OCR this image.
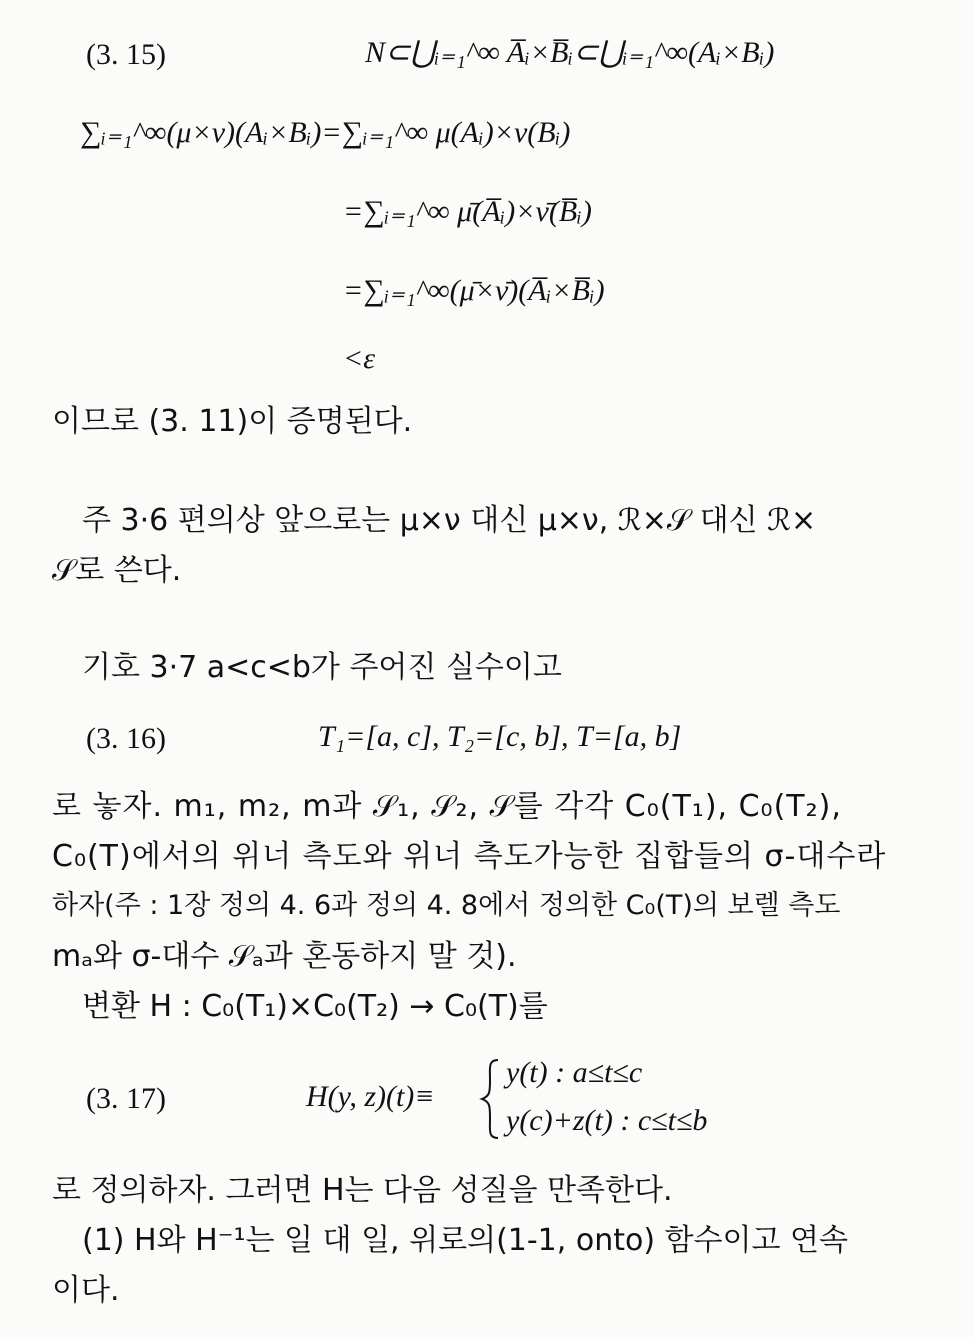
(3. 15)	N⊂⋃ᵢ₌₁^∞ A̅ᵢ×B̅ᵢ⊂⋃ᵢ₌₁^∞(Aᵢ×Bᵢ)
∑ᵢ₌₁^∞(μ×ν)(Aᵢ×Bᵢ)=∑ᵢ₌₁^∞ μ(Aᵢ)×ν(Bᵢ)
=∑ᵢ₌₁^∞ μ̄(A̅ᵢ)×ν̄(B̅ᵢ)
=∑ᵢ₌₁^∞(μ̄×ν̄)(A̅ᵢ×B̅ᵢ)
<ε
이므로 (3. 11)이 증명된다.
주 3·6 편의상 앞으로는 μ×ν 대신 μ×ν, ℛ×𝒮 대신 ℛ×
𝒮로 쓴다.
기호 3·7 a<c<b가 주어진 실수이고
(3. 16)	T₁=[a, c], T₂=[c, b], T=[a, b]
로 놓자. m₁, m₂, m과 𝒮₁, 𝒮₂, 𝒮를 각각 C₀(T₁), C₀(T₂),
C₀(T)에서의 위너 측도와 위너 측도가능한 집합들의 σ-대수라
하자(주 : 1장 정의 4. 6과 정의 4. 8에서 정의한 C₀(T)의 보렐 측도
mₐ와 σ-대수 𝒮ₐ과 혼동하지 말 것).
변환 H : C₀(T₁)×C₀(T₂) → C₀(T)를
(3. 17)	H(y, z)(t)≡
y(t) : a≤t≤c
y(c)+z(t) : c≤t≤b
로 정의하자. 그러면 H는 다음 성질을 만족한다.
(1) H와 H⁻¹는 일 대 일, 위로의(1-1, onto) 함수이고 연속
이다.
